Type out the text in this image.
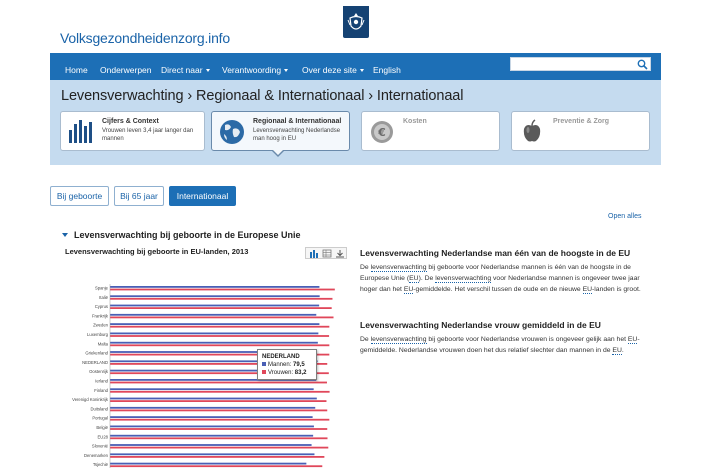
Volksgezondheidenzorg.info
Home Onderwerpen Direct naar	Verantwoording	Over deze site	English
Levensverwachting › Regionaal & Internationaal › Internationaal
Cijfers & Context
Vrouwen leven 3,4 jaar langer dan mannen
Regionaal & Internationaal
Levensverwachting Nederlandse man hoog in EU	€
Kosten	Preventie & Zorg
Bij geboorte	Bij 65 jaar	Internationaal
Open alles
Levensverwachting bij geboorte in de Europese Unie
Levensverwachting bij geboorte in EU-landen, 2013
Spanje
Italië
Cyprus
Frankrijk
Zweden
Luxemburg
Malta
Griekenland
NEDERLAND
Oostenrijk
Ierland
Finland
Verenigd Koninkrijk
Duitsland
Portugal
België
EU28
Slovenië
Denemarken
Tsjechië
NEDERLAND
Mannen: 79,5
Vrouwen: 83,2
Levensverwachting Nederlandse man één van de hoogste in de EU
De levensverwachting bij geboorte voor Nederlandse mannen is één van de hoogste in de Europese Unie (EU). De levensverwachting voor Nederlandse mannen is ongeveer twee jaar hoger dan het EU-gemiddelde. Het verschil tussen de oude en de nieuwe EU-landen is groot.
Levensverwachting Nederlandse vrouw gemiddeld in de EU
De levensverwachting bij geboorte voor Nederlandse vrouwen is ongeveer gelijk aan het EU-gemiddelde. Nederlandse vrouwen doen het dus relatief slechter dan mannen in de EU.
